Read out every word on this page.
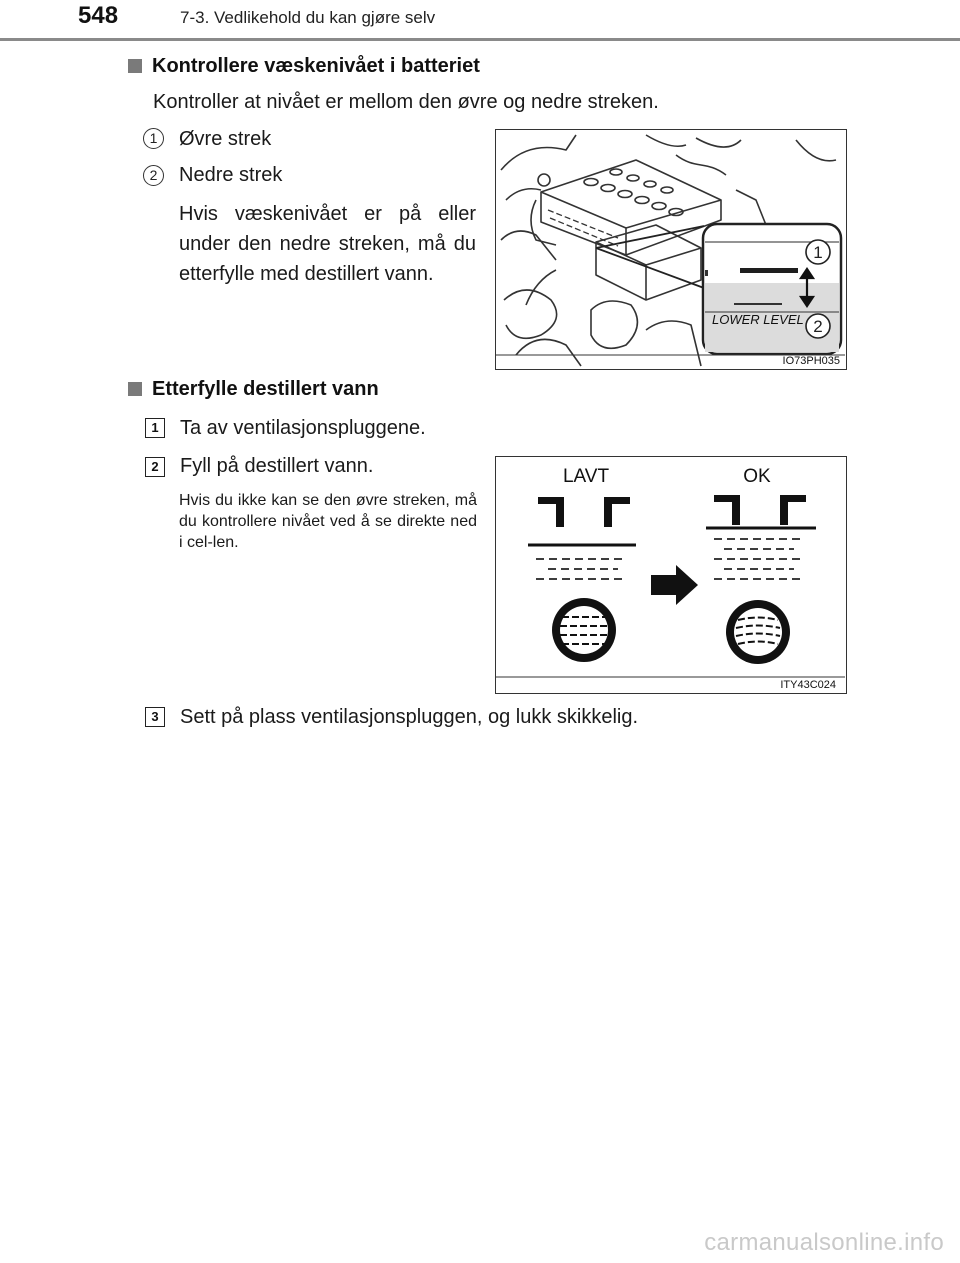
548	7-3. Vedlikehold du kan gjøre selv
Kontrollere væskenivået i batteriet
Kontroller at nivået er mellom den øvre og nedre streken.
1	Øvre strek
2	Nedre strek
Hvis væskenivået er på eller under den nedre streken, må du etterfylle med destillert vann.
1
2
LOWER LEVEL
IO73PH035
Etterfylle destillert vann
1	Ta av ventilasjonspluggene.
2	Fyll på destillert vann.
Hvis du ikke kan se den øvre streken, må du kontrollere nivået ved å se direkte ned i cel-len.
LAVT	OK
ITY43C024
3	Sett på plass ventilasjonspluggen, og lukk skikkelig.
carmanualsonline.info
